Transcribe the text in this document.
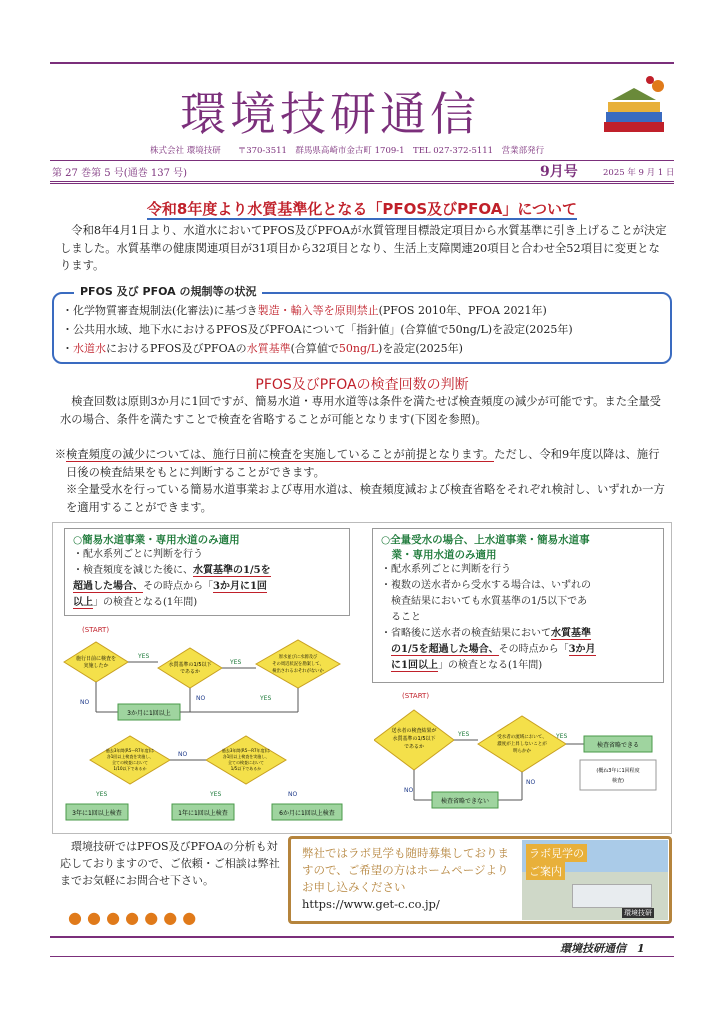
環境技研通信
株式会社 環境技研　　〒370-3511　群馬県高崎市金古町 1709-1　TEL 027-372-5111　営業部発行
第 27 巻第 5 号(通巻 137 号)	9月号	2025 年 9 月 1 日
令和8年度より水質基準化となる「PFOS及びPFOA」について
令和8年4月1日より、水道水においてPFOS及びPFOAが水質管理目標設定項目から水質基準に引き上げることが決定しました。水質基準の健康関連項目が31項目から32項目となり、生活上支障関連20項目と合わせ全52項目に変更となります。
PFOS 及び PFOA の規制等の状況
・化学物質審査規制法(化審法)に基づき製造・輸入等を原則禁止(PFOS 2010年、PFOA 2021年)
・公共用水域、地下水におけるPFOS及びPFOAについて「指針値」(合算値で50ng/L)を設定(2025年)
・水道水におけるPFOS及びPFOAの水質基準(合算値で50ng/L)を設定(2025年)
PFOS及びPFOAの検査回数の判断
検査回数は原則3か月に1回ですが、簡易水道・専用水道等は条件を満たせば検査頻度の減少が可能です。また全量受水の場合、条件を満たすことで検査を省略することが可能となります(下図を参照)。
※検査頻度の減少については、施行日前に検査を実施していることが前提となります。ただし、令和9年度以降は、施行日後の検査結果をもとに判断することができます。
※全量受水を行っている簡易水道事業および専用水道は、検査頻度減および検査省略をそれぞれ検討し、いずれか一方を適用することができます。
○簡易水道事業・専用水道のみ適用
・配水系列ごとに判断を行う
・検査頻度を減じた後に、水質基準の1/5を
超過した場合、その時点から「3か月に1回
以上」の検査となる(1年間)
○全量受水の場合、上水道事業・簡易水道事
業・専用水道のみ適用
・配水系列ごとに判断を行う
・複数の送水者から受水する場合は、いずれの
検査結果においても水質基準の1/5以下であ
ること
・省略後に送水者の検査結果において水質基準
の1/5を超過した場合、その時点から「3か月
に1回以上」の検査となる(1年間)
(START)
施行日前に検査を
実施したか
YES
水質基準の1/5以下
であるか
YES
原水並びに水源及び
その周辺状況を勘案して、
検出されるおそれがないか
NO
NO	YES
3か月に1回以上
過去3年間(R5～R7年度)は
各1回以上検査を実施し、
全ての検査において
1/10以下であるか
過去3年間(R5～R7年度)は
各1回以上検査を実施し、
全ての検査において
1/5以下であるか
NO
YES	YES	NO
3年に1回以上検査	1年に1回以上検査	6か月に1回以上検査
(START)
送水者の検査結果が
水質基準の1/5以下
であるか
YES	受水者の流域において、
濃度が上昇しないことが
明らかか
YES
検査省略できる
(概ね3年に1回程度
検査)
NO
NO
検査省略できない
環境技研ではPFOS及びPFOAの分析も対応しておりますので、ご依頼・ご相談は弊社までお気軽にお問合せ下さい。
● ● ● ● ● ● ●
弊社ではラボ見学も随時募集しておりますので、ご希望の方はホームページよりお申し込みください
https://www.get-c.co.jp/
ラボ見学の
ご案内
環境技研
環境技研通信　1
